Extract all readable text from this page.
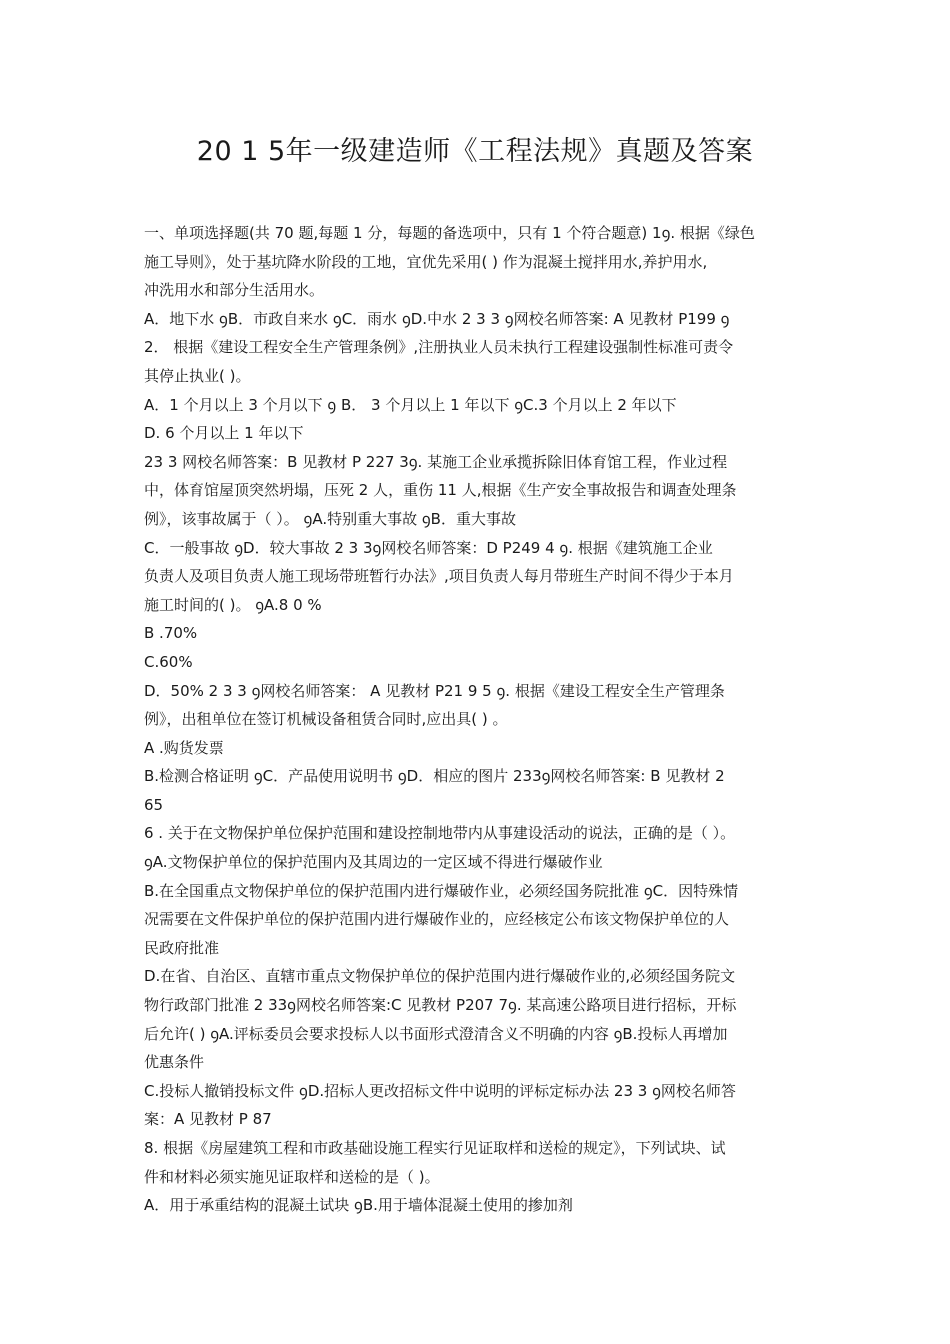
20 1 5年一级建造师《工程法规》真题及答案
一、单项选择题(共 70 题,每题 1 分，每题的备选项中，只有 1 个符合题意) 1ꝯ. 根据《绿色
施工导则》，处于基坑降水阶段的工地，宜优先采用( ) 作为混凝土搅拌用水,养护用水,
冲洗用水和部分生活用水。
A．地下水 ꝯB．市政自来水 ꝯC．雨水 ꝯD.中水 2 3 3 ꝯ网校名师答案: A 见教材 P199 ꝯ
2． 根据《建设工程安全生产管理条例》,注册执业人员未执行工程建设强制性标准可责令
其停止执业( )。
A．1 个月以上 3 个月以下 ꝯ B． 3 个月以上 1 年以下 ꝯC.3 个月以上 2 年以下
D. 6 个月以上 1 年以下
23 3 网校名师答案：B 见教材 P 227 3ꝯ. 某施工企业承揽拆除旧体育馆工程，作业过程
中，体育馆屋顶突然坍塌，压死 2 人，重伤 11 人,根据《生产安全事故报告和调查处理条
例》，该事故属于（ ）。 ꝯA.特别重大事故 ꝯB．重大事故
C．一般事故 ꝯD．较大事故 2 3 3ꝯ网校名师答案：D P249 4 ꝯ. 根据《建筑施工企业
负责人及项目负责人施工现场带班暂行办法》,项目负责人每月带班生产时间不得少于本月
施工时间的( )。 ꝯA.8 0 %
B .70%
C.60%
D．50% 2 3 3 ꝯ网校名师答案： A 见教材 P21 9 5 ꝯ. 根据《建设工程安全生产管理条
例》，出租单位在签订机械设备租赁合同时,应出具( ) 。
A .购货发票
B.检测合格证明 ꝯC．产品使用说明书 ꝯD．相应的图片 233ꝯ网校名师答案: B 见教材 2
65
6 . 关于在文物保护单位保护范围和建设控制地带内从事建设活动的说法，正确的是（ ）。
ꝯA.文物保护单位的保护范围内及其周边的一定区域不得进行爆破作业
B.在全国重点文物保护单位的保护范围内进行爆破作业，必须经国务院批准 ꝯC．因特殊情
况需要在文件保护单位的保护范围内进行爆破作业的，应经核定公布该文物保护单位的人
民政府批准
D.在省、自治区、直辖市重点文物保护单位的保护范围内进行爆破作业的,必须经国务院文
物行政部门批准 2 33ꝯ网校名师答案:C 见教材 P207 7ꝯ. 某高速公路项目进行招标，开标
后允许( ) ꝯA.评标委员会要求投标人以书面形式澄清含义不明确的内容 ꝯB.投标人再增加
优惠条件
C.投标人撤销投标文件 ꝯD.招标人更改招标文件中说明的评标定标办法 23 3 ꝯ网校名师答
案：A 见教材 P 87
8. 根据《房屋建筑工程和市政基础设施工程实行见证取样和送检的规定》，下列试块、试
件和材料必须实施见证取样和送检的是（ )。
A．用于承重结构的混凝土试块 ꝯB.用于墙体混凝土使用的掺加剂
